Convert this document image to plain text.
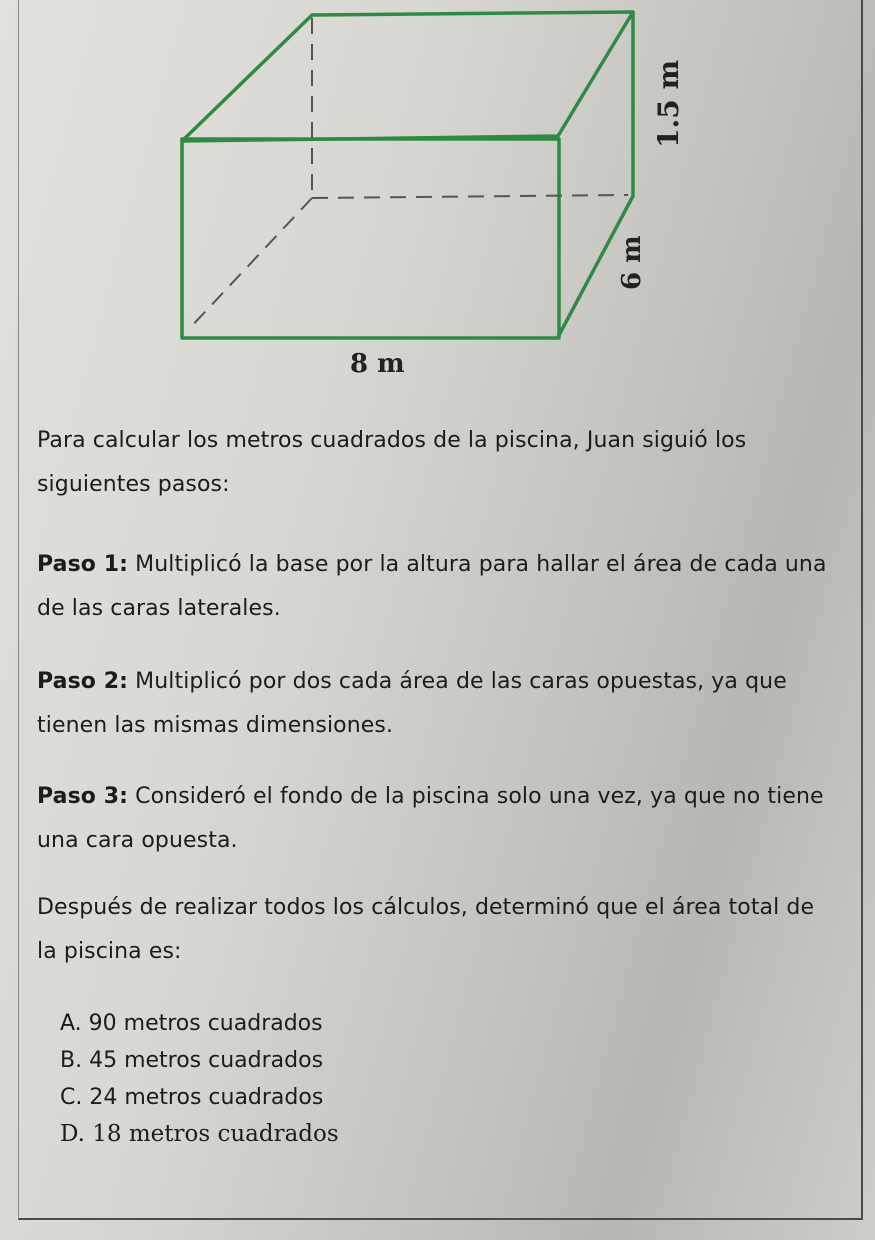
8 m
6 m
1.5 m
Para calcular los metros cuadrados de la piscina, Juan siguió los siguientes pasos:
Paso 1: Multiplicó la base por la altura para hallar el área de cada una de las caras laterales.
Paso 2: Multiplicó por dos cada área de las caras opuestas, ya que tienen las mismas dimensiones.
Paso 3: Consideró el fondo de la piscina solo una vez, ya que no tiene una cara opuesta.
Después de realizar todos los cálculos, determinó que el área total de la piscina es:
A. 90 metros cuadrados
B. 45 metros cuadrados
C. 24 metros cuadrados
D. 18 metros cuadrados
